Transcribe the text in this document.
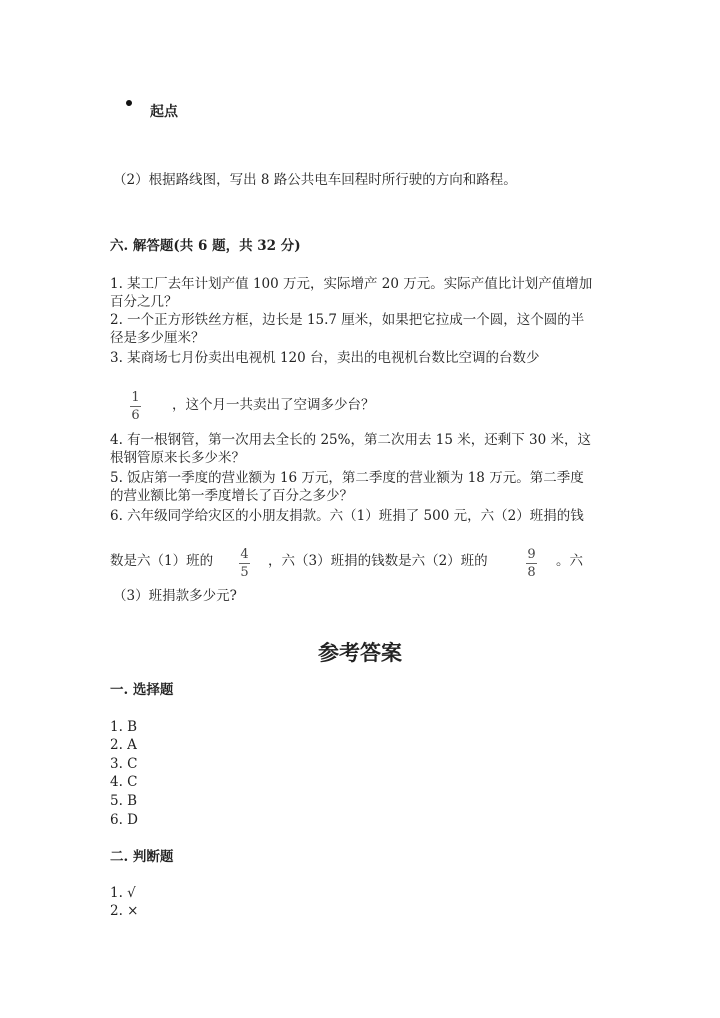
起点
（2）根据路线图，写出 8 路公共电车回程时所行驶的方向和路程。
六. 解答题(共 6 题，共 32 分)
1. 某工厂去年计划产值 100 万元，实际增产 20 万元。实际产值比计划产值增加
百分之几？
2. 一个正方形铁丝方框，边长是 15.7 厘米，如果把它拉成一个圆，这个圆的半
径是多少厘米？
3. 某商场七月份卖出电视机 120 台，卖出的电视机台数比空调的台数少
1
6
，这个月一共卖出了空调多少台？
4. 有一根钢管，第一次用去全长的 25%，第二次用去 15 米，还剩下 30 米，这
根钢管原来长多少米？
5. 饭店第一季度的营业额为 16 万元，第二季度的营业额为 18 万元。第二季度
的营业额比第一季度增长了百分之多少？
6. 六年级同学给灾区的小朋友捐款。六（1）班捐了 500 元，六（2）班捐的钱
数是六（1）班的 4
5
，六（3）班捐的钱数是六（2）班的	9
8
。六
（3）班捐款多少元?
参考答案
一. 选择题
1. B
2. A
3. C
4. C
5. B
6. D
二. 判断题
1. √
2. ×
